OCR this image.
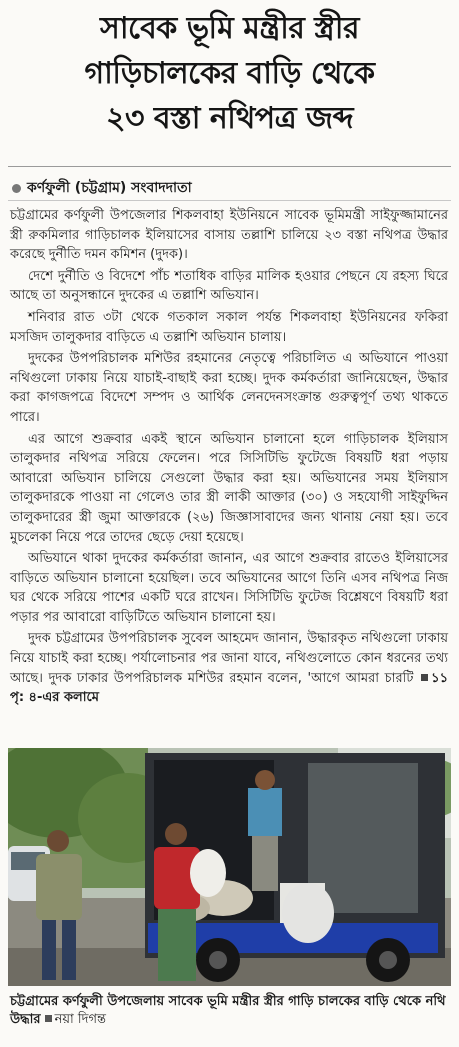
সাবেক ভূমি মন্ত্রীর স্ত্রীর
গাড়িচালকের বাড়ি থেকে
২৩ বস্তা নথিপত্র জব্দ
কর্ণফুলী (চট্টগ্রাম) সংবাদদাতা

চট্টগ্রামের কর্ণফুলী উপজেলার শিকলবাহা ইউনিয়নে সাবেক ভূমিমন্ত্রী সাইফুজ্জামানের স্ত্রী রুকমিলার গাড়িচালক ইলিয়াসের বাসায় তল্লাশি চালিয়ে ২৩ বস্তা নথিপত্র উদ্ধার করেছে দুর্নীতি দমন কমিশন (দুদক)।

দেশে দুর্নীতি ও বিদেশে পাঁচ শতাধিক বাড়ির মালিক হওয়ার পেছনে যে রহস্য ঘিরে আছে তা অনুসন্ধানে দুদকের এ তল্লাশি অভিযান।

শনিবার রাত ৩টা থেকে গতকাল সকাল পর্যন্ত শিকলবাহা ইউনিয়নের ফকিরা মসজিদ তালুকদার বাড়িতে এ তল্লাশি অভিযান চালায়।

দুদকের উপপরিচালক মশিউর রহমানের নেতৃত্বে পরিচালিত এ অভিযানে পাওয়া নথিগুলো ঢাকায় নিয়ে যাচাই-বাছাই করা হচ্ছে। দুদক কর্মকর্তারা জানিয়েছেন, উদ্ধার করা কাগজপত্রে বিদেশে সম্পদ ও আর্থিক লেনদেনসংক্রান্ত গুরুত্বপূর্ণ তথ্য থাকতে পারে।

এর আগে শুক্রবার একই স্থানে অভিযান চালানো হলে গাড়িচালক ইলিয়াস তালুকদার নথিপত্র সরিয়ে ফেলেন। পরে সিসিটিভি ফুটেজে বিষয়টি ধরা পড়ায় আবারো অভিযান চালিয়ে সেগুলো উদ্ধার করা হয়। অভিযানের সময় ইলিয়াস তালুকদারকে পাওয়া না গেলেও তার স্ত্রী লাকী আক্তার (৩০) ও সহযোগী সাইফুদ্দিন তালুকদারের স্ত্রী জুমা আক্তারকে (২৬) জিজ্ঞাসাবাদের জন্য থানায় নেয়া হয়। তবে মুচলেকা নিয়ে পরে তাদের ছেড়ে দেয়া হয়েছে।

অভিযানে থাকা দুদকের কর্মকর্তারা জানান, এর আগে শুক্রবার রাতেও ইলিয়াসের বাড়িতে অভিযান চালানো হয়েছিল। তবে অভিযানের আগে তিনি এসব নথিপত্র নিজ ঘর থেকে সরিয়ে পাশের একটি ঘরে রাখেন। সিসিটিভি ফুটেজ বিশ্লেষণে বিষয়টি ধরা পড়ার পর আবারো বাড়িটিতে অভিযান চালানো হয়।

দুদক চট্টগ্রামের উপপরিচালক সুবেল আহমেদ জানান, উদ্ধারকৃত নথিগুলো ঢাকায় নিয়ে যাচাই করা হচ্ছে। পর্যালোচনার পর জানা যাবে, নথিগুলোতে কোন ধরনের তথ্য আছে। দুদক ঢাকার উপপরিচালক মশিউর রহমান বলেন, 'আগে আমরা চারটি ১১ পৃ: ৪-এর কলামে

চট্টগ্রামের কর্ণফুলী উপজেলায় সাবেক ভূমি মন্ত্রীর স্ত্রীর গাড়ি চালকের বাড়ি থেকে নথি উদ্ধার নয়া দিগন্ত
